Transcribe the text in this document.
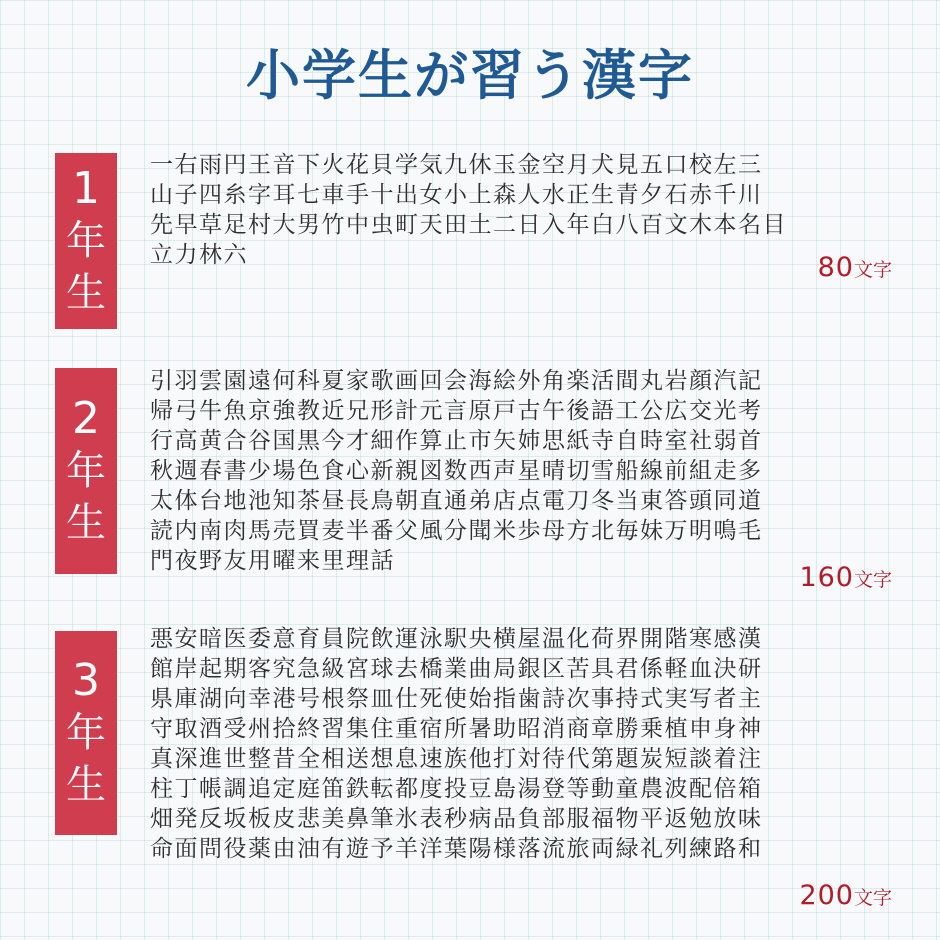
小学生が習う漢字
1
年
生
一右雨円王音下火花貝学気九休玉金空月犬見五口校左三
山子四糸字耳七車手十出女小上森人水正生青夕石赤千川
先早草足村大男竹中虫町天田土二日入年白八百文木本名目
立力林六	80文字
2
年
生
引羽雲園遠何科夏家歌画回会海絵外角楽活間丸岩顔汽記
帰弓牛魚京強教近兄形計元言原戸古午後語工公広交光考
行高黄合谷国黒今才細作算止市矢姉思紙寺自時室社弱首
秋週春書少場色食心新親図数西声星晴切雪船線前組走多
太体台地池知茶昼長鳥朝直通弟店点電刀冬当東答頭同道
読内南肉馬売買麦半番父風分聞米歩母方北毎妹万明鳴毛
門夜野友用曜来里理話
160文字
3
年
生
悪安暗医委意育員院飲運泳駅央横屋温化荷界開階寒感漢
館岸起期客究急級宮球去橋業曲局銀区苦具君係軽血決研
県庫湖向幸港号根祭皿仕死使始指歯詩次事持式実写者主
守取酒受州拾終習集住重宿所暑助昭消商章勝乗植申身神
真深進世整昔全相送想息速族他打対待代第題炭短談着注
柱丁帳調追定庭笛鉄転都度投豆島湯登等動童農波配倍箱
畑発反坂板皮悲美鼻筆氷表秒病品負部服福物平返勉放味
命面問役薬由油有遊予羊洋葉陽様落流旅両緑礼列練路和
200文字
